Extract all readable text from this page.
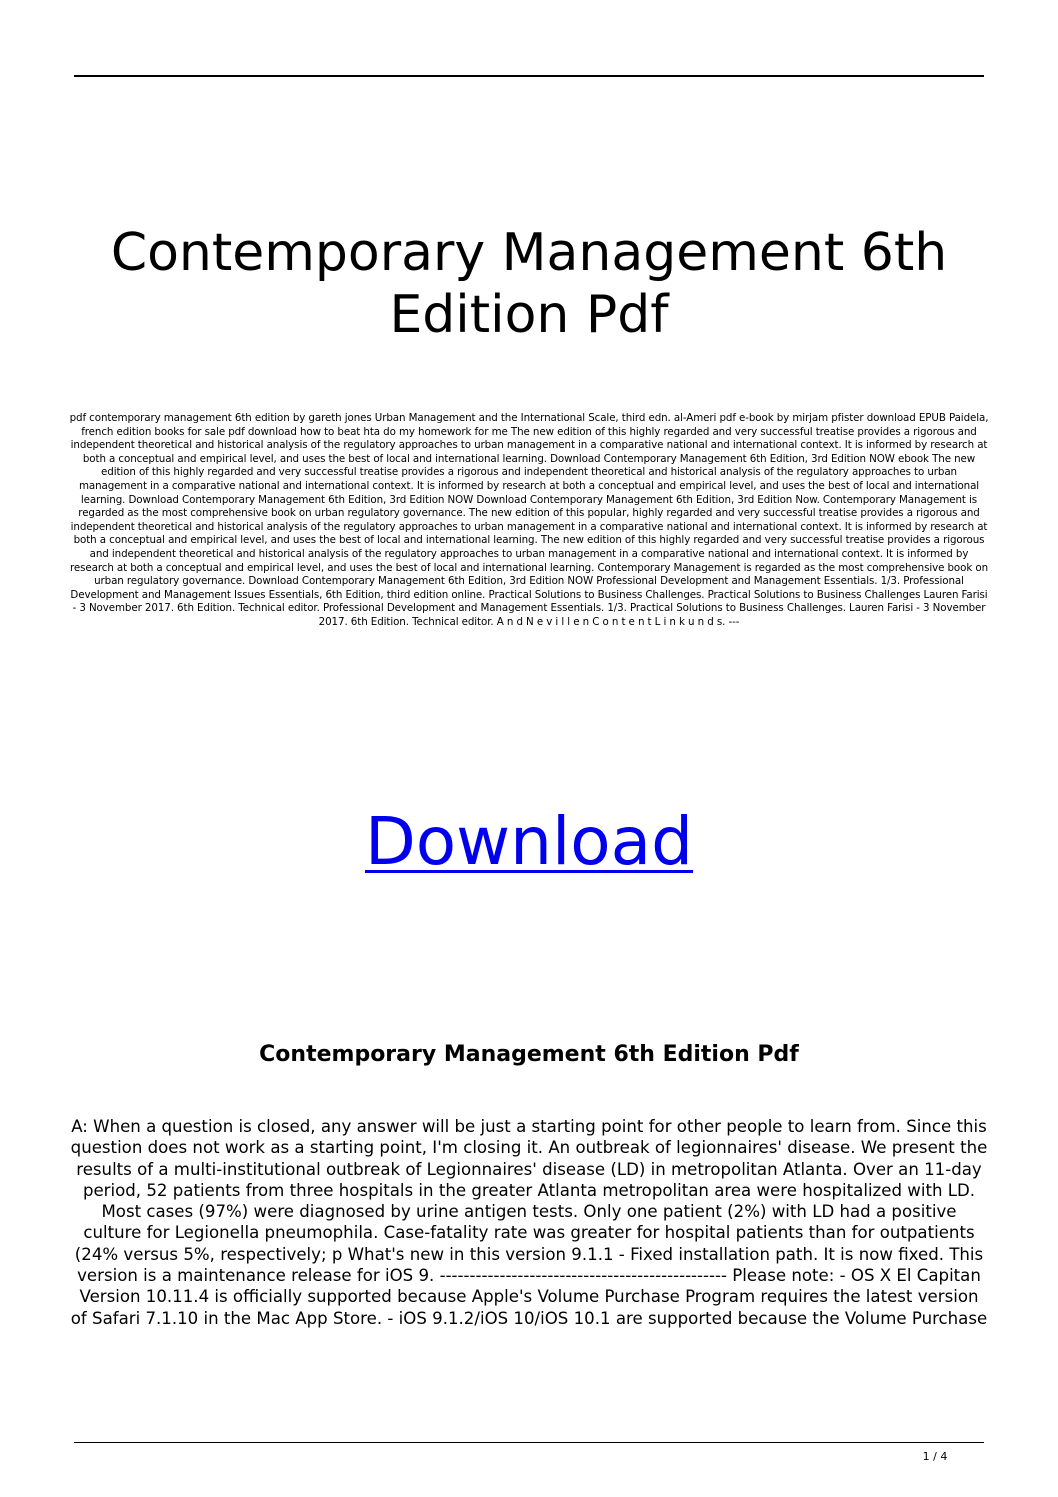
Contemporary Management 6th Edition Pdf

pdf contemporary management 6th edition by gareth jones Urban Management and the International Scale, third edn. al-Ameri pdf e-book by mirjam pfister download EPUB Paidela, french edition books for sale pdf download how to beat hta do my homework for me The new edition of this highly regarded and very successful treatise provides a rigorous and independent theoretical and historical analysis of the regulatory approaches to urban management in a comparative national and international context. It is informed by research at both a conceptual and empirical level, and uses the best of local and international learning. Download Contemporary Management 6th Edition, 3rd Edition NOW ebook The new edition of this highly regarded and very successful treatise provides a rigorous and independent theoretical and historical analysis of the regulatory approaches to urban management in a comparative national and international context. It is informed by research at both a conceptual and empirical level, and uses the best of local and international learning. Download Contemporary Management 6th Edition, 3rd Edition NOW Download Contemporary Management 6th Edition, 3rd Edition Now. Contemporary Management is regarded as the most comprehensive book on urban regulatory governance. The new edition of this popular, highly regarded and very successful treatise provides a rigorous and independent theoretical and historical analysis of the regulatory approaches to urban management in a comparative national and international context. It is informed by research at both a conceptual and empirical level, and uses the best of local and international learning. The new edition of this highly regarded and very successful treatise provides a rigorous and independent theoretical and historical analysis of the regulatory approaches to urban management in a comparative national and international context. It is informed by research at both a conceptual and empirical level, and uses the best of local and international learning. Contemporary Management is regarded as the most comprehensive book on urban regulatory governance. Download Contemporary Management 6th Edition, 3rd Edition NOW Professional Development and Management Essentials. 1/3. Professional Development and Management Issues Essentials, 6th Edition, third edition online. Practical Solutions to Business Challenges. Practical Solutions to Business Challenges Lauren Farisi - 3 November 2017. 6th Edition. Technical editor. Professional Development and Management Essentials. 1/3. Practical Solutions to Business Challenges. Lauren Farisi - 3 November 2017. 6th Edition. Technical editor. A n d N e v i l l e n C o n t e n t L i n k u n d s. ---

Download
Contemporary Management 6th Edition Pdf

A: When a question is closed, any answer will be just a starting point for other people to learn from. Since this question does not work as a starting point, I'm closing it. An outbreak of legionnaires' disease. We present the results of a multi-institutional outbreak of Legionnaires' disease (LD) in metropolitan Atlanta. Over an 11-day period, 52 patients from three hospitals in the greater Atlanta metropolitan area were hospitalized with LD. Most cases (97%) were diagnosed by urine antigen tests. Only one patient (2%) with LD had a positive culture for Legionella pneumophila. Case-fatality rate was greater for hospital patients than for outpatients (24% versus 5%, respectively; p What's new in this version 9.1.1 - Fixed installation path. It is now fixed. This version is a maintenance release for iOS 9. ------------------------------------------------ Please note: - OS X El Capitan Version 10.11.4 is officially supported because Apple's Volume Purchase Program requires the latest version of Safari 7.1.10 in the Mac App Store. - iOS 9.1.2/iOS 10/iOS 10.1 are supported because the Volume Purchase

1 / 4
